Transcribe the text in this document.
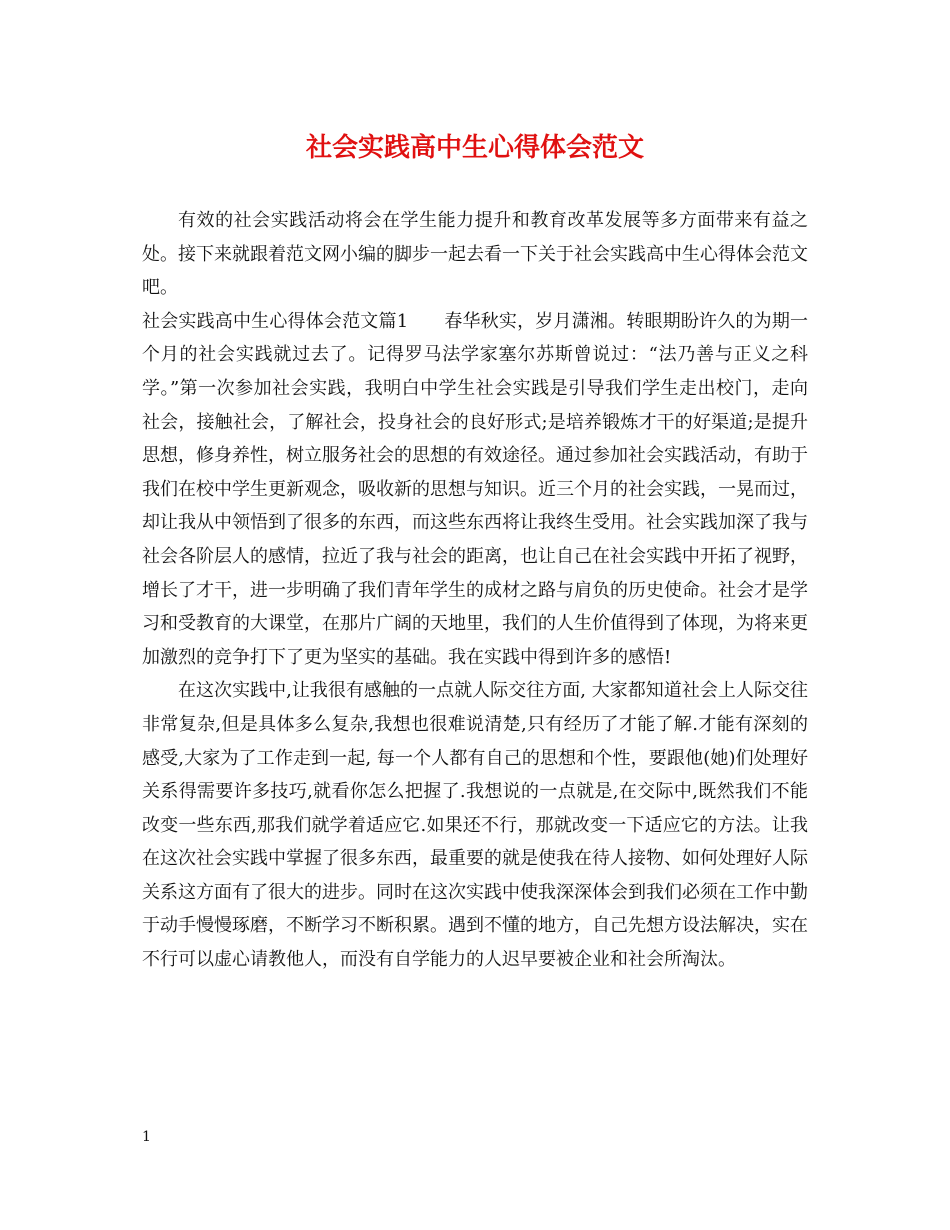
社会实践高中生心得体会范文

有效的社会实践活动将会在学生能力提升和教育改革发展等多方面带来有益之处。接下来就跟着范文网小编的脚步一起去看一下关于社会实践高中生心得体会范文吧。

社会实践高中生心得体会范文篇1 春华秋实，岁月潇湘。转眼期盼许久的为期一个月的社会实践就过去了。记得罗马法学家塞尔苏斯曾说过：“法乃善与正义之科学。”第一次参加社会实践，我明白中学生社会实践是引导我们学生走出校门，走向社会，接触社会，了解社会，投身社会的良好形式;是培养锻炼才干的好渠道;是提升思想，修身养性，树立服务社会的思想的有效途径。通过参加社会实践活动，有助于我们在校中学生更新观念，吸收新的思想与知识。近三个月的社会实践，一晃而过，却让我从中领悟到了很多的东西，而这些东西将让我终生受用。社会实践加深了我与社会各阶层人的感情，拉近了我与社会的距离，也让自己在社会实践中开拓了视野，增长了才干，进一步明确了我们青年学生的成材之路与肩负的历史使命。社会才是学习和受教育的大课堂，在那片广阔的天地里，我们的人生价值得到了体现，为将来更加激烈的竞争打下了更为坚实的基础。我在实践中得到许多的感悟!

在这次实践中,让我很有感触的一点就人际交往方面, 大家都知道社会上人际交往非常复杂,但是具体多么复杂,我想也很难说清楚,只有经历了才能了解.才能有深刻的感受,大家为了工作走到一起, 每一个人都有自己的思想和个性，要跟他(她)们处理好关系得需要许多技巧,就看你怎么把握了.我想说的一点就是,在交际中,既然我们不能改变一些东西,那我们就学着适应它.如果还不行，那就改变一下适应它的方法。让我在这次社会实践中掌握了很多东西，最重要的就是使我在待人接物、如何处理好人际关系这方面有了很大的进步。同时在这次实践中使我深深体会到我们必须在工作中勤于动手慢慢琢磨，不断学习不断积累。遇到不懂的地方，自己先想方设法解决，实在不行可以虚心请教他人，而没有自学能力的人迟早要被企业和社会所淘汰。

1
